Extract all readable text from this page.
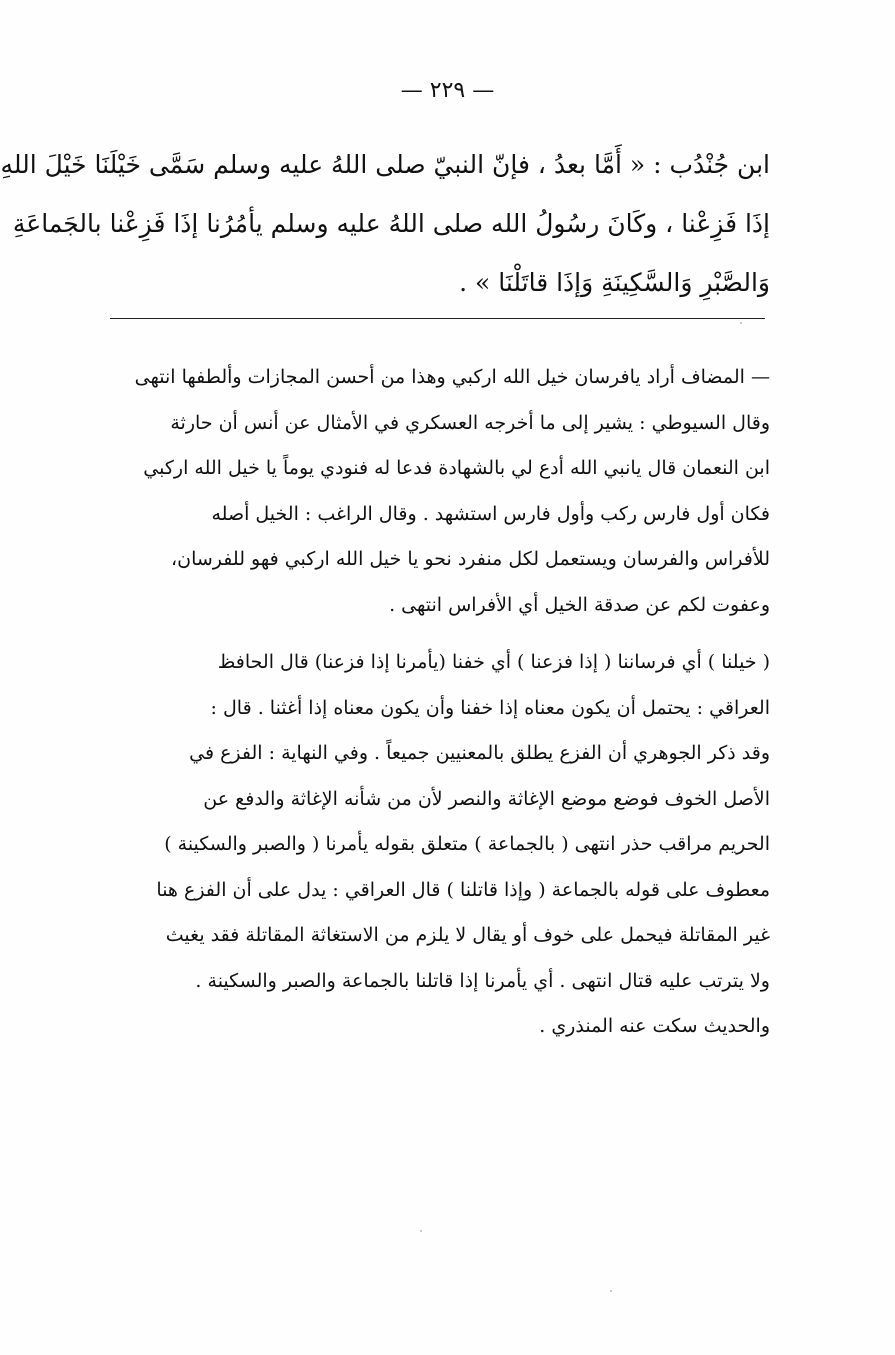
— ٢٢٩ —
ابن جُنْدُب : « أَمَّا بعدُ ، فإنّ النبيّ صلى اللهُ عليه وسلم سَمَّى خَيْلَنَا خَيْلَ اللهِ
إذَا فَزِعْنا ، وكَانَ رسُولُ الله صلى اللهُ عليه وسلم يأمُرُنا إذَا فَزِعْنا بالجَماعَةِ
وَالصَّبْرِ وَالسَّكِينَةِ وَإذَا قاتَلْنَا » .
— المضاف أراد يافرسان خيل الله اركبي وهذا من أحسن المجازات وألطفها انتهى
وقال السيوطي : يشير إلى ما أخرجه العسكري في الأمثال عن أنس أن حارثة
ابن النعمان قال يانبي الله أدع لي بالشهادة فدعا له فنودي يوماً يا خيل الله اركبي
فكان أول فارس ركب وأول فارس استشهد . وقال الراغب : الخيل أصله
للأفراس والفرسان ويستعمل لكل منفرد نحو يا خيل الله اركبي فهو للفرسان،
وعفوت لكم عن صدقة الخيل أي الأفراس انتهى .
( خيلنا ) أي فرساننا ( إذا فزعنا ) أي خفنا (يأمرنا إذا فزعنا) قال الحافظ
العراقي : يحتمل أن يكون معناه إذا خفنا وأن يكون معناه إذا أغثنا . قال :
وقد ذكر الجوهري أن الفزع يطلق بالمعنيين جميعاً . وفي النهاية : الفزع في
الأصل الخوف فوضع موضع الإغاثة والنصر لأن من شأنه الإغاثة والدفع عن
الحريم مراقب حذر انتهى ( بالجماعة ) متعلق بقوله يأمرنا ( والصبر والسكينة )
معطوف على قوله بالجماعة ( وإذا قاتلنا ) قال العراقي : يدل على أن الفزع هنا
غير المقاتلة فيحمل على خوف أو يقال لا يلزم من الاستغاثة المقاتلة فقد يغيث
ولا يترتب عليه قتال انتهى . أي يأمرنا إذا قاتلنا بالجماعة والصبر والسكينة .
والحديث سكت عنه المنذري .
